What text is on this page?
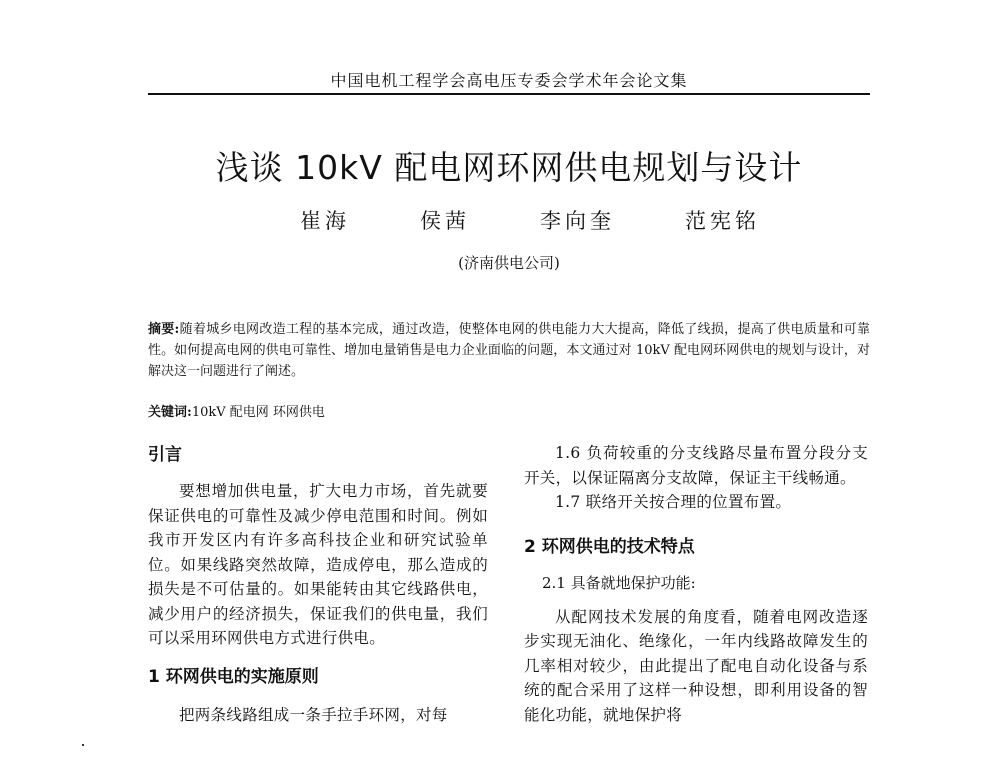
中国电机工程学会高电压专委会学术年会论文集
浅谈 10kV 配电网环网供电规划与设计
崔海	侯茜	李向奎	范宪铭
(济南供电公司)
摘要:随着城乡电网改造工程的基本完成，通过改造，使整体电网的供电能力大大提高，降低了线损，提高了供电质量和可靠性。如何提高电网的供电可靠性、增加电量销售是电力企业面临的问题，本文通过对 10kV 配电网环网供电的规划与设计，对解决这一问题进行了阐述。
关键词:10kV 配电网 环网供电
引言

要想增加供电量，扩大电力市场，首先就要保证供电的可靠性及减少停电范围和时间。例如我市开发区内有许多高科技企业和研究试验单位。如果线路突然故障，造成停电，那么造成的损失是不可估量的。如果能转由其它线路供电，减少用户的经济损失，保证我们的供电量，我们可以采用环网供电方式进行供电。

1 环网供电的实施原则

把两条线路组成一条手拉手环网，对每

1.6 负荷较重的分支线路尽量布置分段分支开关，以保证隔离分支故障，保证主干线畅通。

1.7 联络开关按合理的位置布置。

2 环网供电的技术特点

2.1 具备就地保护功能:

从配网技术发展的角度看，随着电网改造逐步实现无油化、绝缘化，一年内线路故障发生的几率相对较少，由此提出了配电自动化设备与系统的配合采用了这样一种设想，即利用设备的智能化功能，就地保护将
